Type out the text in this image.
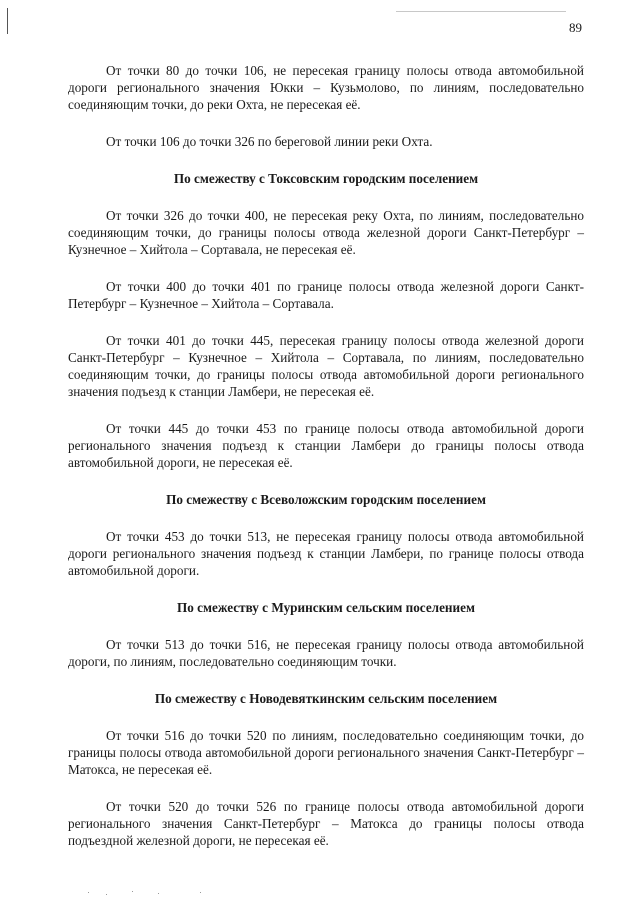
89

От точки 80 до точки 106, не пересекая границу полосы отвода автомобильной дороги регионального значения Юкки – Кузьмолово, по линиям, последовательно соединяющим точки, до реки Охта, не пересекая её.

От точки 106 до точки 326 по береговой линии реки Охта.

По смежеству с Токсовским городским поселением

От точки 326 до точки 400, не пересекая реку Охта, по линиям, последовательно соединяющим точки, до границы полосы отвода железной дороги Санкт-Петербург – Кузнечное – Хийтола – Сортавала, не пересекая её.

От точки 400 до точки 401 по границе полосы отвода железной дороги Санкт-Петербург – Кузнечное – Хийтола – Сортавала.

От точки 401 до точки 445, пересекая границу полосы отвода железной дороги Санкт-Петербург – Кузнечное – Хийтола – Сортавала, по линиям, последовательно соединяющим точки, до границы полосы отвода автомобильной дороги регионального значения подъезд к станции Ламбери, не пересекая её.

От точки 445 до точки 453 по границе полосы отвода автомобильной дороги регионального значения подъезд к станции Ламбери до границы полосы отвода автомобильной дороги, не пересекая её.

По смежеству с Всеволожским городским поселением

От точки 453 до точки 513, не пересекая границу полосы отвода автомобильной дороги регионального значения подъезд к станции Ламбери, по границе полосы отвода автомобильной дороги.

По смежеству с Муринским сельским поселением

От точки 513 до точки 516, не пересекая границу полосы отвода автомобильной дороги, по линиям, последовательно соединяющим точки.

По смежеству с Новодевяткинским сельским поселением

От точки 516 до точки 520 по линиям, последовательно соединяющим точки, до границы полосы отвода автомобильной дороги регионального значения Санкт-Петербург – Матокса, не пересекая её.

От точки 520 до точки 526 по границе полосы отвода автомобильной дороги регионального значения Санкт-Петербург – Матокса до границы полосы отвода подъездной железной дороги, не пересекая её.
